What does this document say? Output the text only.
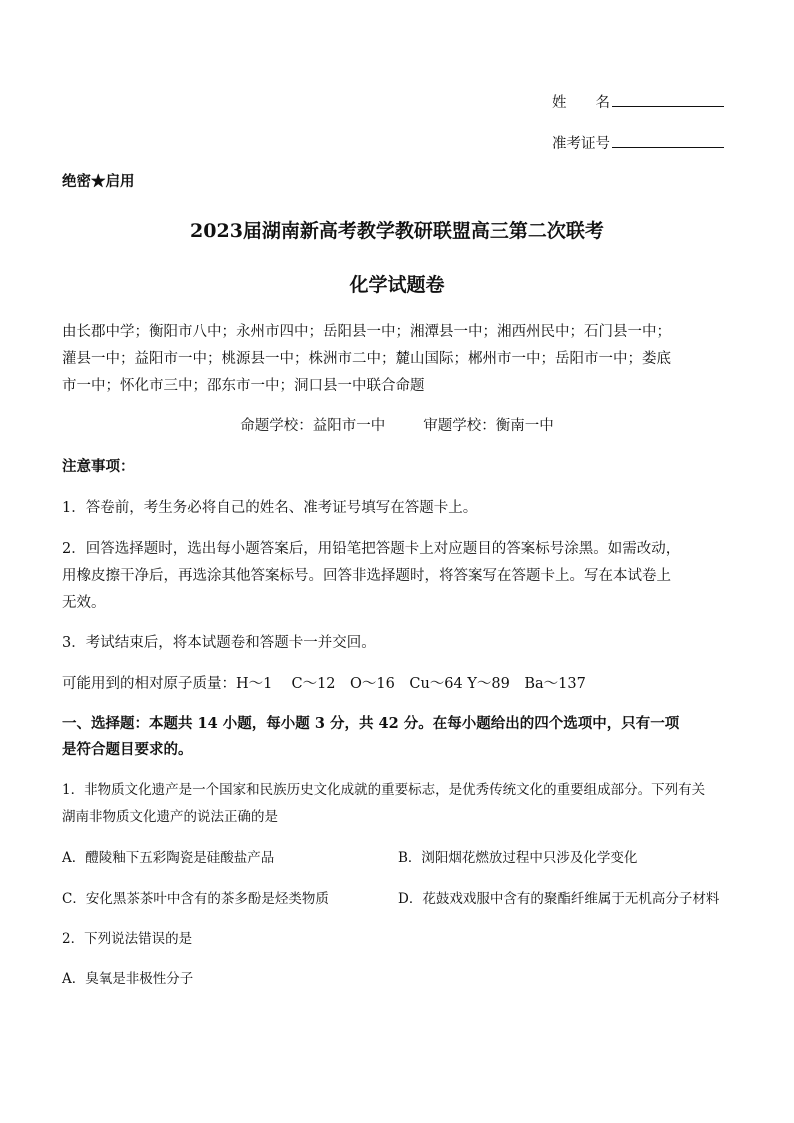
姓　　名
准考证号
绝密★启用
2023届湖南新高考教学教研联盟高三第二次联考
化学试题卷
由长郡中学；衡阳市八中；永州市四中；岳阳县一中；湘潭县一中；湘西州民中；石门县一中；
灌县一中；益阳市一中；桃源县一中；株洲市二中；麓山国际；郴州市一中；岳阳市一中；娄底
市一中；怀化市三中；邵东市一中；洞口县一中联合命题
命题学校：益阳市一中	审题学校：衡南一中
注意事项：
1．答卷前，考生务必将自己的姓名、准考证号填写在答题卡上。
2．回答选择题时，选出每小题答案后，用铅笔把答题卡上对应题目的答案标号涂黑。如需改动，
用橡皮擦干净后，再选涂其他答案标号。回答非选择题时，将答案写在答题卡上。写在本试卷上
无效。
3．考试结束后，将本试题卷和答题卡一并交回。
可能用到的相对原子质量：H～1　 C～12　O～16　Cu～64 Y～89　Ba～137
一、选择题：本题共 14 小题，每小题 3 分，共 42 分。在每小题给出的四个选项中，只有一项
是符合题目要求的。
1．非物质文化遗产是一个国家和民族历史文化成就的重要标志，是优秀传统文化的重要组成部分。下列有关
湖南非物质文化遗产的说法正确的是
A．醴陵釉下五彩陶瓷是硅酸盐产品	B．浏阳烟花燃放过程中只涉及化学变化
C．安化黑茶茶叶中含有的茶多酚是烃类物质	D．花鼓戏戏服中含有的聚酯纤维属于无机高分子材料
2．下列说法错误的是
A．臭氧是非极性分子
